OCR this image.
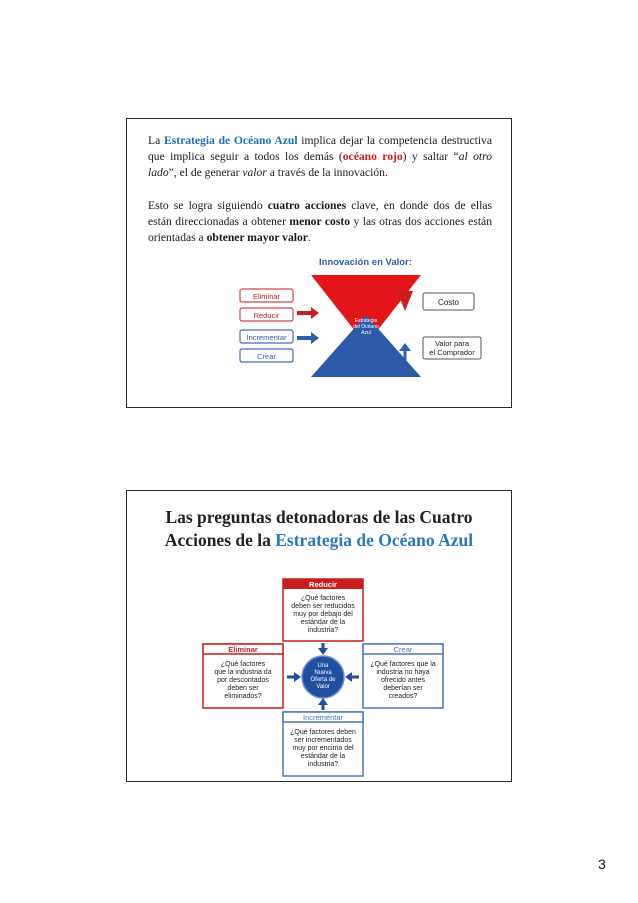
La Estrategia de Océano Azul implica dejar la competencia destructiva que implica seguir a todos los demás (océano rojo) y saltar “al otro lado”, el de generar valor a través de la innovación.

Esto se logra siguiendo cuatro acciones clave, en donde dos de ellas están direccionadas a obtener menor costo y las otras dos acciones están orientadas a obtener mayor valor.

Innovación en Valor:
Estrategia
del Océano
Azul
Eliminar
Reducir
Incrementar
Crear
Costo
Valor para
el Comprador
Las preguntas detonadoras de las Cuatro
Acciones de la Estrategia de Océano Azul
Reducir
¿Qué factores
deben ser reducidos
muy por debajo del
estándar de la
industria?
Eliminar
¿Qué factores
que la industria da
por descontados
deben ser
eliminados?
Crear
¿Qué factores que la
industria no haya
ofrecido antes
deberían ser
creados?
Incrementar
¿Qué factores deben
ser incrementados
muy por encima del
estándar de la
industria?
Una
Nueva
Oferta de
Valor
3
